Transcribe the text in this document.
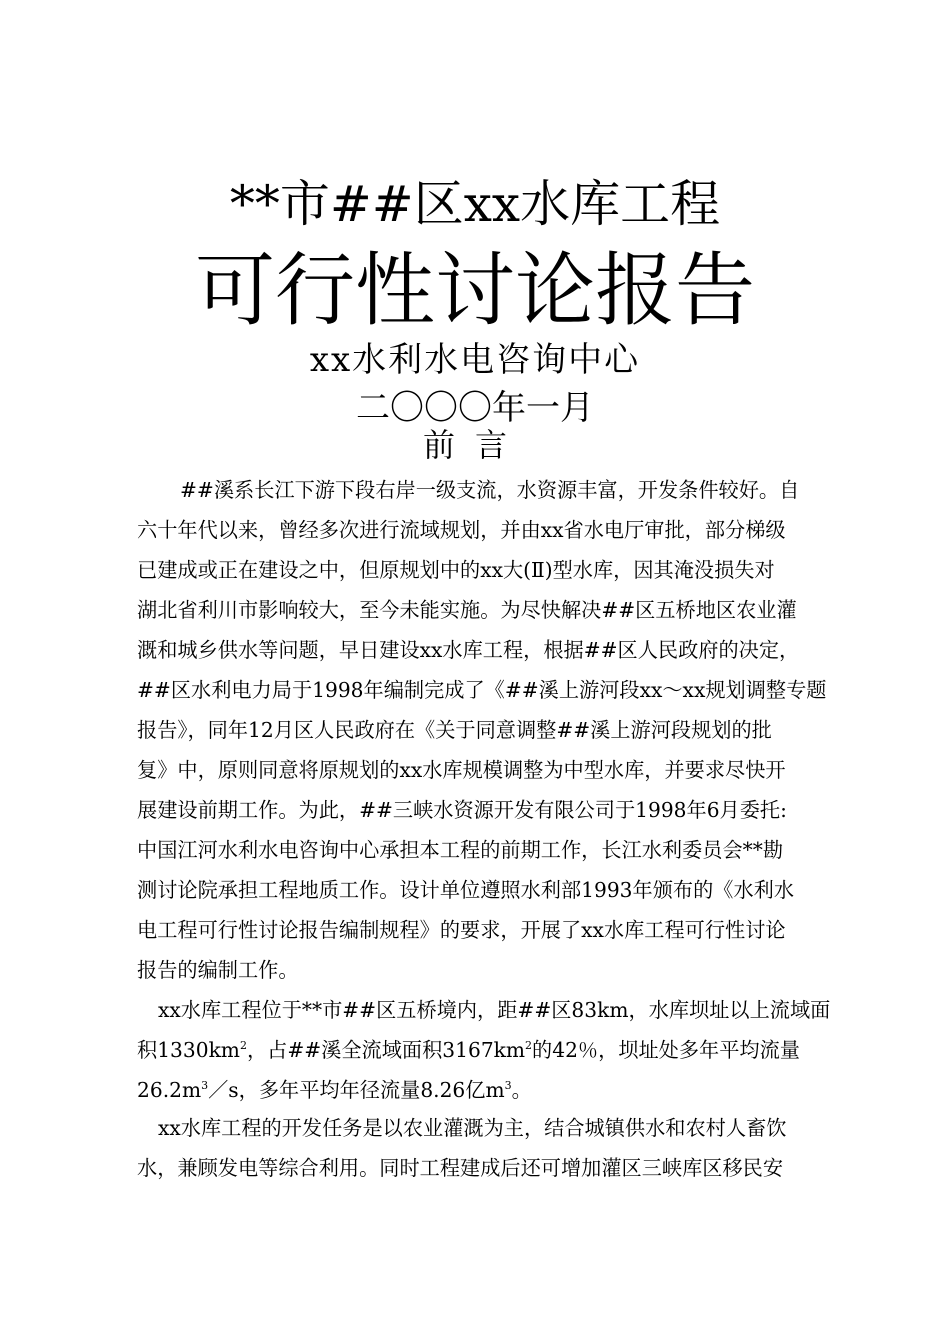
**市##区xx水库工程
可行性讨论报告
xx水利水电咨询中心
二〇〇〇年一月
前言
##溪系长江下游下段右岸一级支流，水资源丰富，开发条件较好。自
六十年代以来，曾经多次进行流域规划，并由xx省水电厅审批，部分梯级
已建成或正在建设之中，但原规划中的xx大(Ⅱ)型水库，因其淹没损失对
湖北省利川市影响较大，至今未能实施。为尽快解决##区五桥地区农业灌
溉和城乡供水等问题，早日建设xx水库工程，根据##区人民政府的决定，
##区水利电力局于1998年编制完成了《##溪上游河段xx～xx规划调整专题
报告》，同年12月区人民政府在《关于同意调整##溪上游河段规划的批
复》中，原则同意将原规划的xx水库规模调整为中型水库，并要求尽快开
展建设前期工作。为此，##三峡水资源开发有限公司于1998年6月委托:
中国江河水利水电咨询中心承担本工程的前期工作，长江水利委员会**勘
测讨论院承担工程地质工作。设计单位遵照水利部1993年颁布的《水利水
电工程可行性讨论报告编制规程》的要求，开展了xx水库工程可行性讨论
报告的编制工作。
xx水库工程位于**市##区五桥境内，距##区83km，水库坝址以上流域面
积$1330km^2$，占##溪全流域面积$3167km^2$的42％，坝址处多年平均流量
$26.2m^3/s$，多年平均年径流量8.26亿$m^3$。
xx水库工程的开发任务是以农业灌溉为主，结合城镇供水和农村人畜饮
水，兼顾发电等综合利用。同时工程建成后还可增加灌区三峡库区移民安
